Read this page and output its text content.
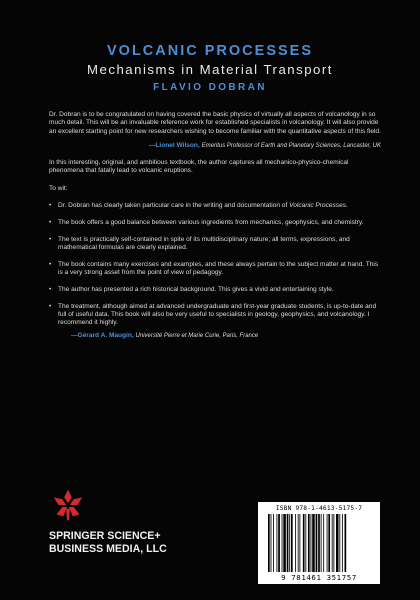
VOLCANIC PROCESSES
Mechanisms in Material Transport
FLAVIO DOBRAN

Dr. Dobran is to be congratulated on having covered the basic physics of virtually all aspects of volcanology in so much detail. This will be an invaluable reference work for established specialists in volcanology. It will also provide an excellent starting point for new researchers wishing to become familiar with the quantitative aspects of this field.

—Lionel Wilson, Emeritus Professor of Earth and Planetary Sciences, Lancaster, UK

In this interesting, original, and ambitious textbook, the author captures all mechanico-physico-chemical phenomena that fatally lead to volcanic eruptions.

To wit:

• Dr. Dobran has clearly taken particular care in the writing and documentation of Volcanic Processes.
• The book offers a good balance between various ingredients from mechanics, geophysics, and chemistry.
• The text is practically self-contained in spite of its multidisciplinary nature; all terms, expressions, and mathematical formulas are clearly explained.
• The book contains many exercises and examples, and these always pertain to the subject matter at hand. This is a very strong asset from the point of view of pedagogy.
• The author has presented a rich historical background. This gives a vivid and entertaining style.
• The treatment, although aimed at advanced undergraduate and first-year graduate students, is up-to-date and full of useful data. This book will also be very useful to specialists in geology, geophysics, and volcanology. I recommend it highly.
—Gérard A. Maugin, Université Pierre et Marie Curie, Paris, France
SPRINGER SCIENCE+
BUSINESS MEDIA, LLC
ISBN 978-1-4613-5175-7
9 781461 351757
